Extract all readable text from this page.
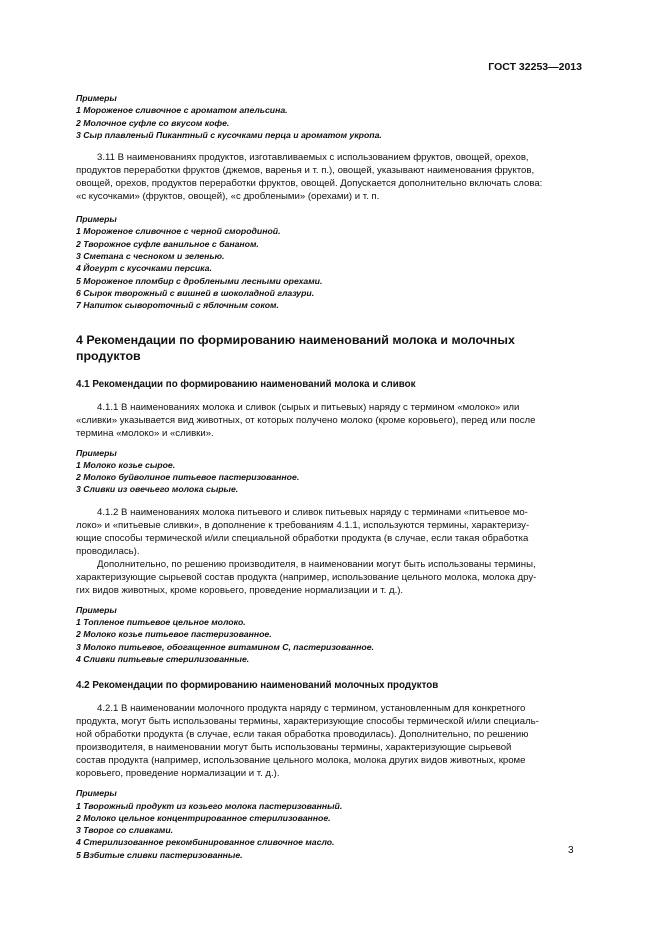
ГОСТ 32253—2013
Примеры
1 Мороженое сливочное с ароматом апельсина.
2 Молочное суфле со вкусом кофе.
3 Сыр плавленый Пикантный с кусочками перца и ароматом укропа.
3.11 В наименованиях продуктов, изготавливаемых с использованием фруктов, овощей, орехов,
продуктов переработки фруктов (джемов, варенья и т. п.), овощей, указывают наименования фруктов,
овощей, орехов, продуктов переработки фруктов, овощей. Допускается дополнительно включать слова:
«с кусочками» (фруктов, овощей), «с дроблеными» (орехами) и т. п.
Примеры
1 Мороженое сливочное с черной смородиной.
2 Творожное суфле ванильное с бананом.
3 Сметана с чесноком и зеленью.
4 Йогурт с кусочками персика.
5 Мороженое пломбир с дроблеными лесными орехами.
6 Сырок творожный с вишней в шоколадной глазури.
7 Напиток сывороточный с яблочным соком.
4 Рекомендации по формированию наименований молока и молочных
продуктов
4.1 Рекомендации по формированию наименований молока и сливок
4.1.1 В наименованиях молока и сливок (сырых и питьевых) наряду с термином «молоко» или
«сливки» указывается вид животных, от которых получено молоко (кроме коровьего), перед или после
термина «молоко» и «сливки».
Примеры
1 Молоко козье сырое.
2 Молоко буйволиное питьевое пастеризованное.
3 Сливки из овечьего молока сырые.
4.1.2 В наименованиях молока питьевого и сливок питьевых наряду с терминами «питьевое мо-
локо» и «питьевые сливки», в дополнение к требованиям 4.1.1, используются термины, характеризу-
ющие способы термической и/или специальной обработки продукта (в случае, если такая обработка
проводилась).
Дополнительно, по решению производителя, в наименовании могут быть использованы термины,
характеризующие сырьевой состав продукта (например, использование цельного молока, молока дру-
гих видов животных, кроме коровьего, проведение нормализации и т. д.).
Примеры
1 Топленое питьевое цельное молоко.
2 Молоко козье питьевое пастеризованное.
3 Молоко питьевое, обогащенное витамином С, пастеризованное.
4 Сливки питьевые стерилизованные.
4.2 Рекомендации по формированию наименований молочных продуктов
4.2.1 В наименовании молочного продукта наряду с термином, установленным для конкретного
продукта, могут быть использованы термины, характеризующие способы термической и/или специаль-
ной обработки продукта (в случае, если такая обработка проводилась). Дополнительно, по решению
производителя, в наименовании могут быть использованы термины, характеризующие сырьевой
состав продукта (например, использование цельного молока, молока других видов животных, кроме
коровьего, проведение нормализации и т. д.).
Примеры
1 Творожный продукт из козьего молока пастеризованный.
2 Молоко цельное концентрированное стерилизованное.
3 Творог со сливками.
4 Стерилизованное рекомбинированное сливочное масло.
5 Взбитые сливки пастеризованные.	3
